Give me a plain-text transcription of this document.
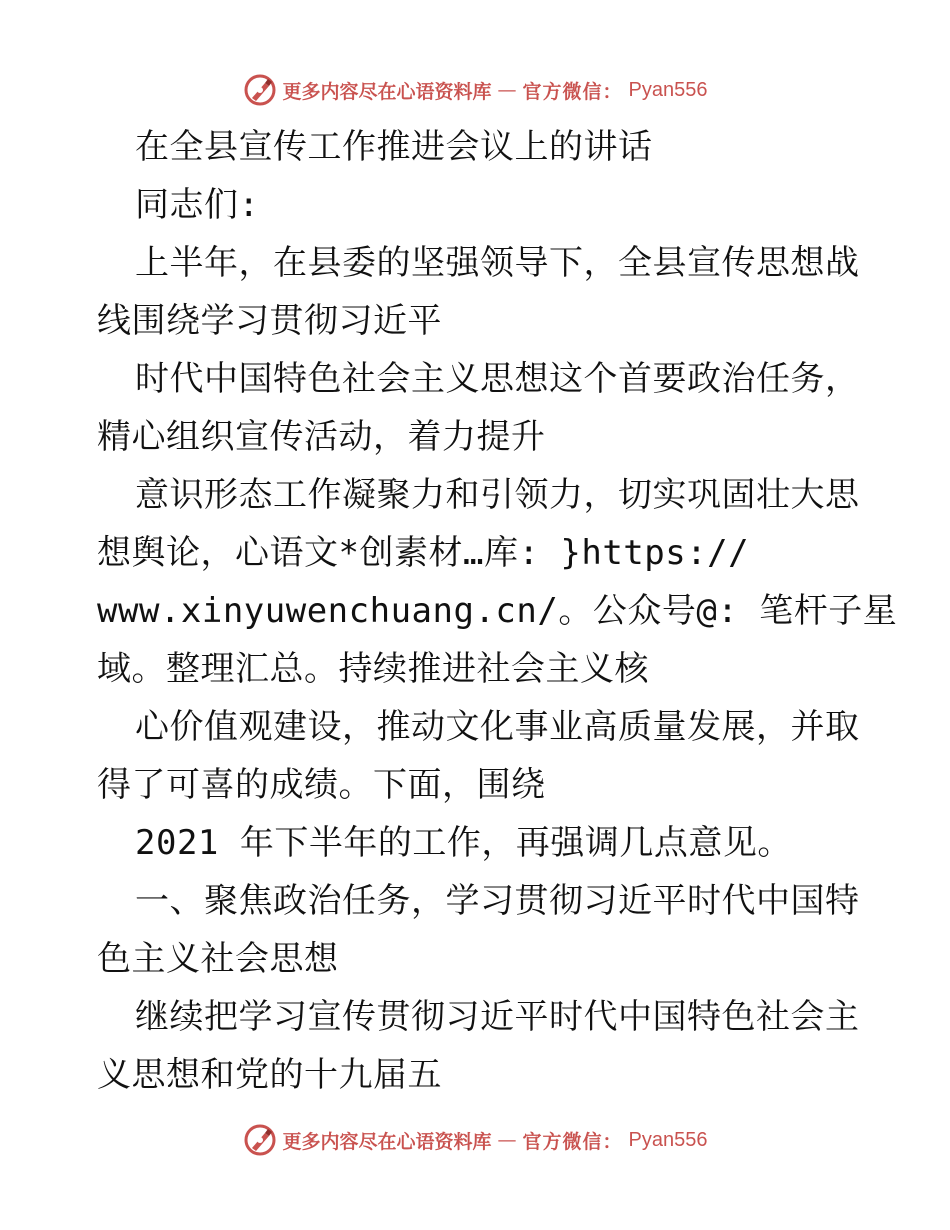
更多内容尽在心语资料库 — 官方微信： Pyan556
在全县宣传工作推进会议上的讲话
同志们:
上半年，在县委的坚强领导下，全县宣传思想战
线围绕学习贯彻习近平
时代中国特色社会主义思想这个首要政治任务，
精心组织宣传活动，着力提升
意识形态工作凝聚力和引领力，切实巩固壮大思
想舆论，心语文*创素材…库: }https://
www.xinyuwenchuang.cn/。公众号@: 笔杆子星
域。整理汇总。持续推进社会主义核
心价值观建设，推动文化事业高质量发展，并取
得了可喜的成绩。下面，围绕
2021 年下半年的工作，再强调几点意见。
一、聚焦政治任务，学习贯彻习近平时代中国特
色主义社会思想
继续把学习宣传贯彻习近平时代中国特色社会主
义思想和党的十九届五
更多内容尽在心语资料库 — 官方微信： Pyan556
